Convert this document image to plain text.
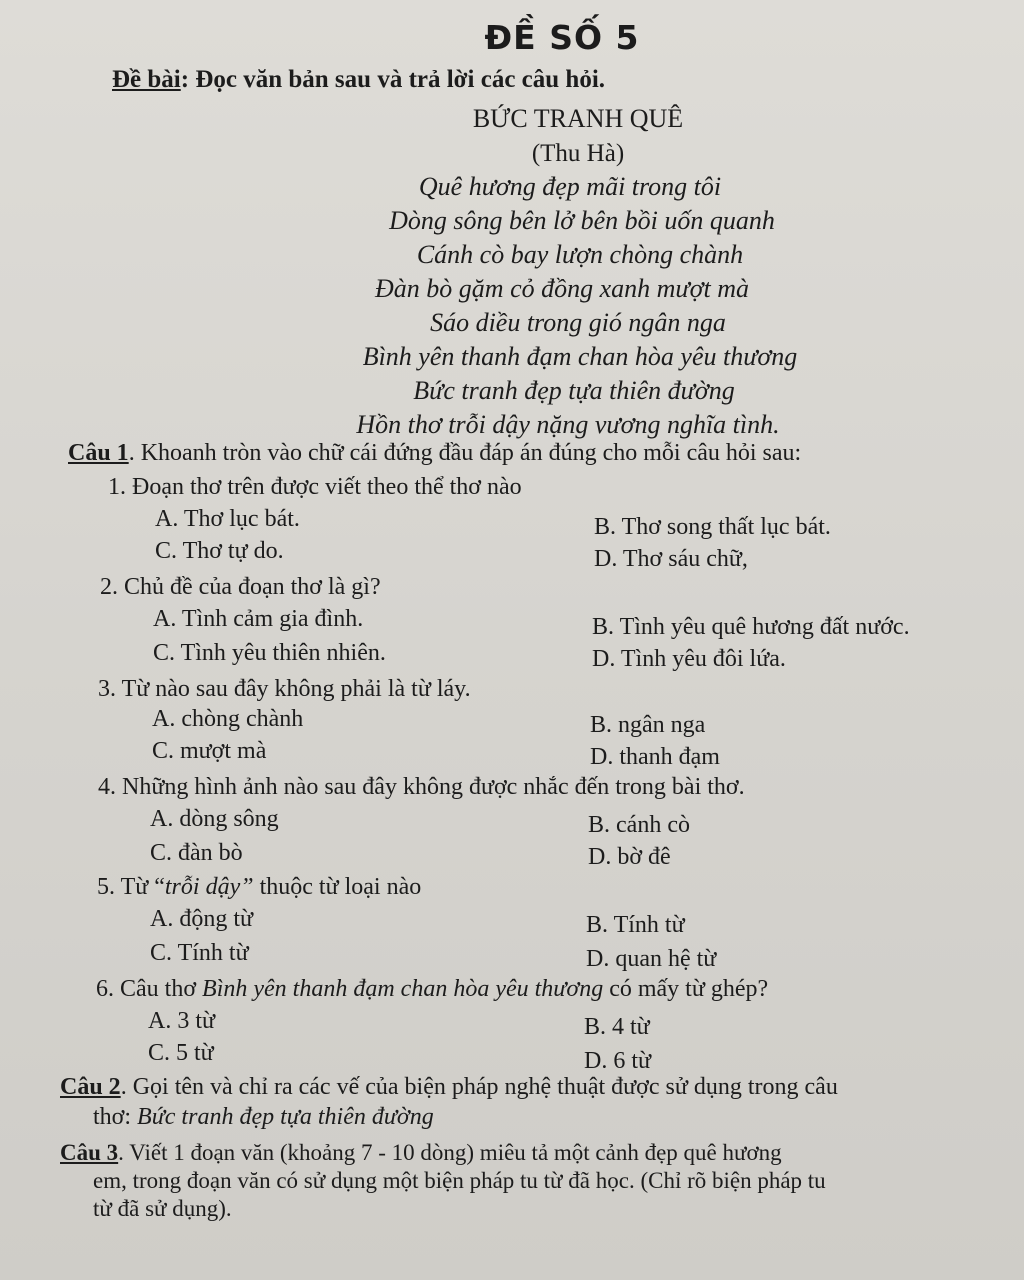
ĐỀ SỐ 5
Đề bài: Đọc văn bản sau và trả lời các câu hỏi.
BỨC TRANH QUÊ
(Thu Hà)
Quê hương đẹp mãi trong tôi
Dòng sông bên lở bên bồi uốn quanh
Cánh cò bay lượn chòng chành
Đàn bò gặm cỏ đồng xanh mượt mà
Sáo diều trong gió ngân nga
Bình yên thanh đạm chan hòa yêu thương
Bức tranh đẹp tựa thiên đường
Hồn thơ trỗi dậy nặng vương nghĩa tình.
Câu 1. Khoanh tròn vào chữ cái đứng đầu đáp án đúng cho mỗi câu hỏi sau:
1. Đoạn thơ trên được viết theo thể thơ nào
A. Thơ lục bát.	B. Thơ song thất lục bát.
C. Thơ tự do.	D. Thơ sáu chữ,
2. Chủ đề của đoạn thơ là gì?
A. Tình cảm gia đình.	B. Tình yêu quê hương đất nước.
C. Tình yêu thiên nhiên.	D. Tình yêu đôi lứa.
3. Từ nào sau đây không phải là từ láy.
A. chòng chành	B. ngân nga
C. mượt mà	D. thanh đạm
4. Những hình ảnh nào sau đây không được nhắc đến trong bài thơ.
A. dòng sông	B. cánh cò
C. đàn bò	D. bờ đê
5. Từ “trỗi dậy” thuộc từ loại nào
A. động từ	B. Tính từ
C. Tính từ	D. quan hệ từ
6. Câu thơ Bình yên thanh đạm chan hòa yêu thương có mấy từ ghép?
A. 3 từ	B. 4 từ
C. 5 từ	D. 6 từ
Câu 2. Gọi tên và chỉ ra các vế của biện pháp nghệ thuật được sử dụng trong câu
thơ: Bức tranh đẹp tựa thiên đường
Câu 3. Viết 1 đoạn văn (khoảng 7 - 10 dòng) miêu tả một cảnh đẹp quê hương
em, trong đoạn văn có sử dụng một biện pháp tu từ đã học. (Chỉ rõ biện pháp tu
từ đã sử dụng).
